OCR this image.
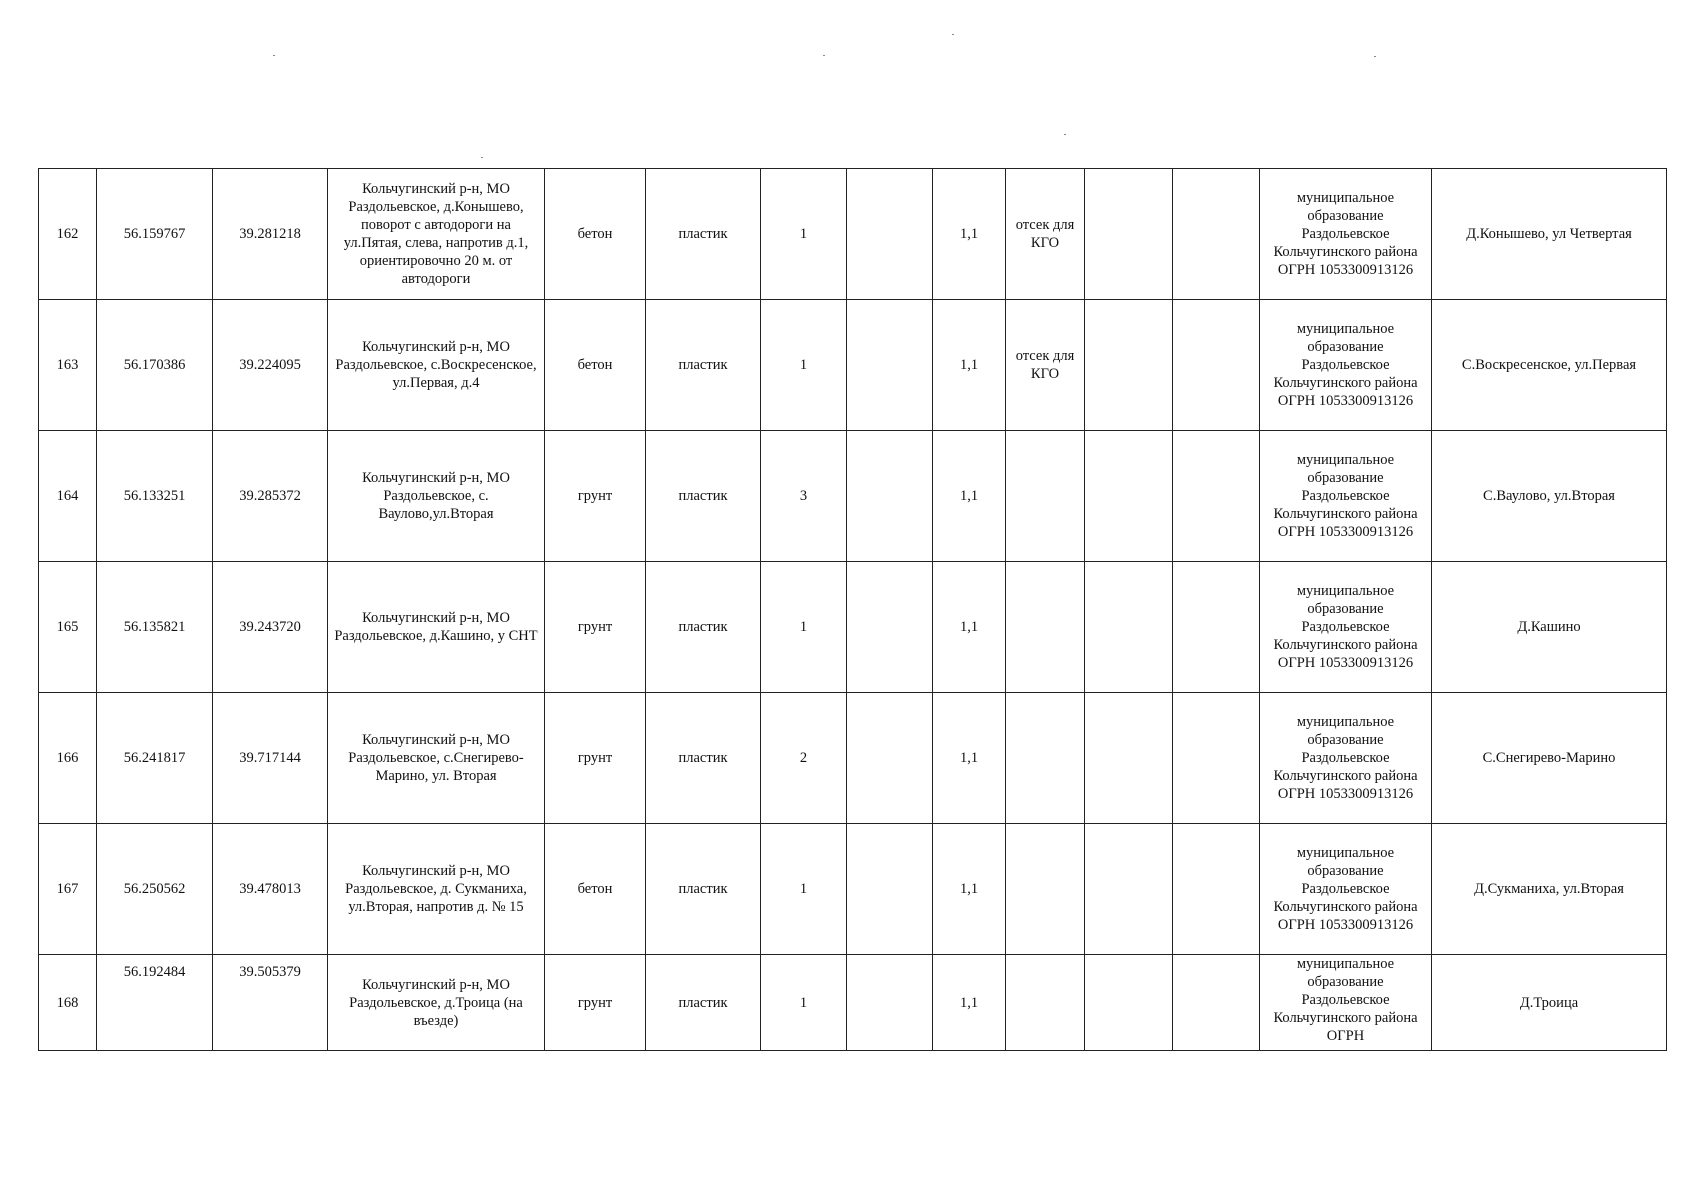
162	56.159767	39.281218	Кольчугинский р-н, МО Раздольевское, д.Конышево, поворот с автодороги на ул.Пятая, слева, напротив д.1, ориентировочно 20 м. от автодороги	бетон	пластик	1		1,1	отсек для КГО			муниципальное образование Раздольевское Кольчугинского района ОГРН 1053300913126	Д.Конышево, ул Четвертая
163	56.170386	39.224095	Кольчугинский р-н, МО Раздольевское, с.Воскресенское, ул.Первая, д.4	бетон	пластик	1		1,1	отсек для КГО			муниципальное образование Раздольевское Кольчугинского района ОГРН 1053300913126	С.Воскресенское, ул.Первая
164	56.133251	39.285372	Кольчугинский р-н, МО Раздольевское, с. Ваулово,ул.Вторая	грунт	пластик	3		1,1				муниципальное образование Раздольевское Кольчугинского района ОГРН 1053300913126	С.Ваулово, ул.Вторая
165	56.135821	39.243720	Кольчугинский р-н, МО Раздольевское, д.Кашино, у СНТ	грунт	пластик	1		1,1				муниципальное образование Раздольевское Кольчугинского района ОГРН 1053300913126	Д.Кашино
166	56.241817	39.717144	Кольчугинский р-н, МО Раздольевское, с.Снегирево-Марино, ул. Вторая	грунт	пластик	2		1,1				муниципальное образование Раздольевское Кольчугинского района ОГРН 1053300913126	С.Снегирево-Марино
167	56.250562	39.478013	Кольчугинский р-н, МО Раздольевское, д. Сукманиха, ул.Вторая, напротив д. № 15	бетон	пластик	1		1,1				муниципальное образование Раздольевское Кольчугинского района ОГРН 1053300913126	Д.Сукманиха, ул.Вторая
168	56.192484	39.505379	Кольчугинский р-н, МО Раздольевское, д.Троица (на въезде)	грунт	пластик	1		1,1				муниципальное образование Раздольевское Кольчугинского района ОГРН	Д.Троица
